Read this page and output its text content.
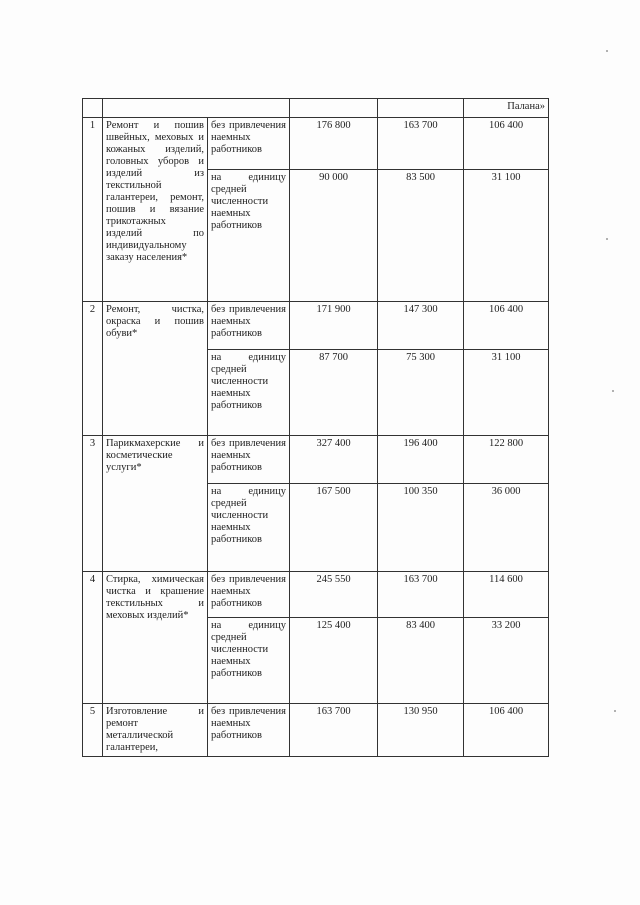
					Палана»
1	Ремонт и пошив швейных, меховых и кожаных изделий, головных уборов и изделий из текстильной галантереи, ремонт, пошив и вязание трикотажных изделий по индивидуальному заказу населения*	без привлечения наемных работников	176 800	163 700	106 400
		на единицу средней численности наемных работников	90 000	83 500	31 100
2	Ремонт, чистка, окраска и пошив обуви*	без привлечения наемных работников	171 900	147 300	106 400
		на единицу средней численности наемных работников	87 700	75 300	31 100
3	Парикмахерские и косметические услуги*	без привлечения наемных работников	327 400	196 400	122 800
		на единицу средней численности наемных работников	167 500	100 350	36 000
4	Стирка, химическая чистка и крашение текстильных и меховых изделий*	без привлечения наемных работников	245 550	163 700	114 600
		на единицу средней численности наемных работников	125 400	83 400	33 200
5	Изготовление и ремонт металлической галантереи,	без привлечения наемных работников	163 700	130 950	106 400
